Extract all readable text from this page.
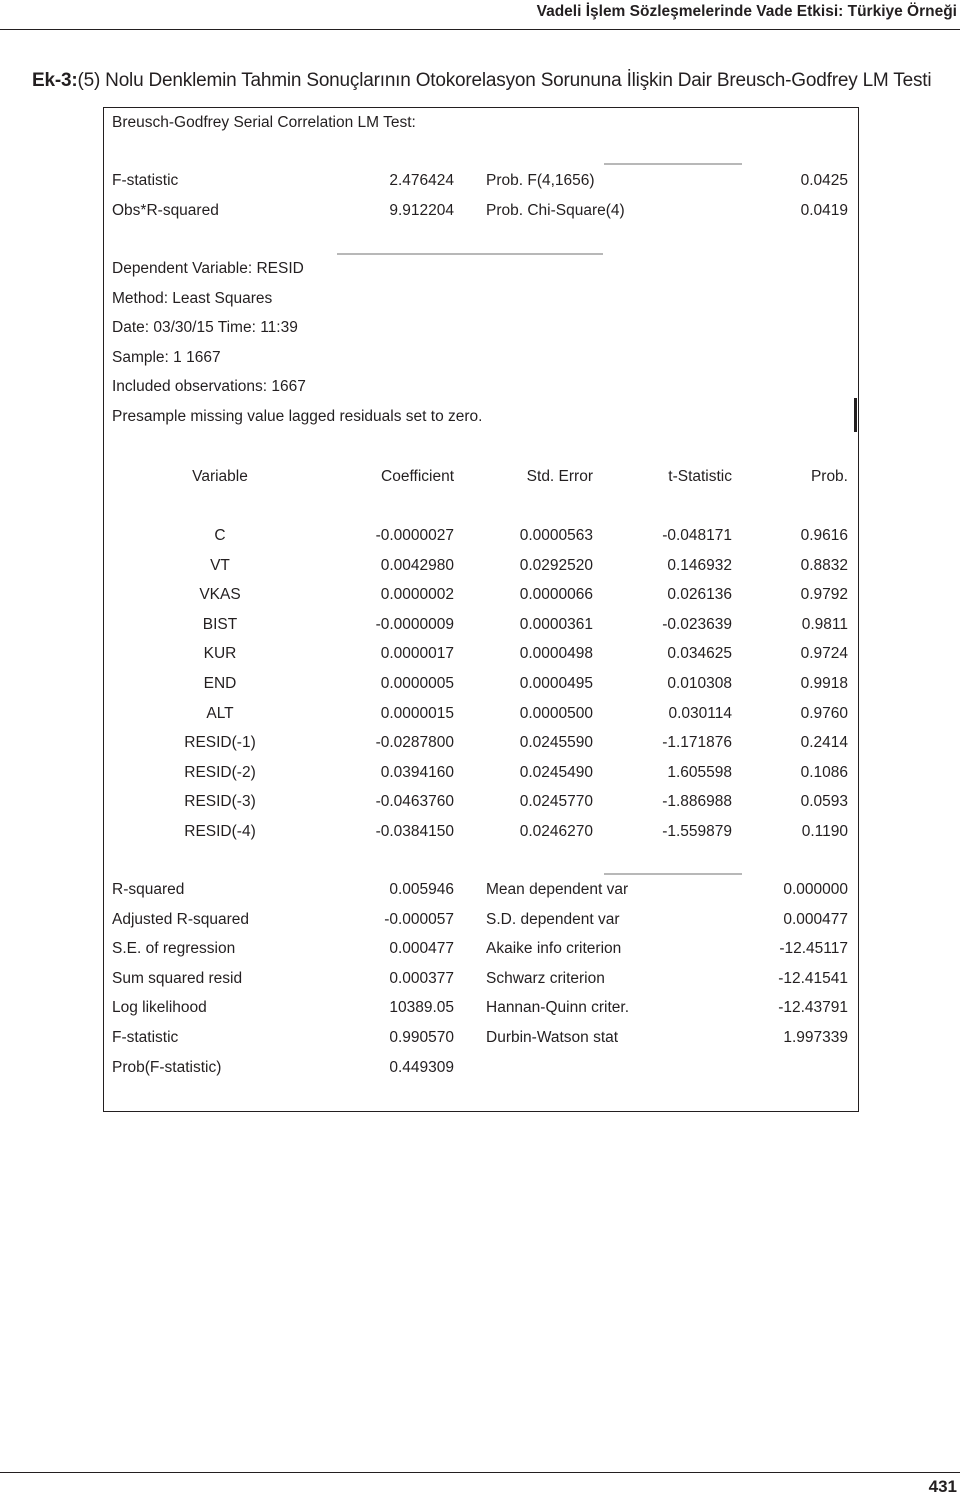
Vadeli İşlem Sözleşmelerinde Vade Etkisi: Türkiye Örneği
Ek-3:(5) Nolu Denklemin Tahmin Sonuçlarının Otokorelasyon Sorununa İlişkin Dair Breusch-Godfrey LM Testi
Breusch-Godfrey Serial Correlation LM Test:
F-statistic	2.476424 Prob. F(4,1656)	0.0425
Obs*R-squared	9.912204 Prob. Chi-Square(4)	0.0419
Dependent Variable: RESID
Method: Least Squares
Date: 03/30/15 Time: 11:39
Sample: 1 1667
Included observations: 1667
Presample missing value lagged residuals set to zero.
Variable	Coefficient	Std. Error	t-Statistic	Prob.
C	-0.0000027	0.0000563	-0.048171	0.9616
VT	0.0042980	0.0292520	0.146932	0.8832
VKAS	0.0000002	0.0000066	0.026136	0.9792
BIST	-0.0000009	0.0000361	-0.023639	0.9811
KUR	0.0000017	0.0000498	0.034625	0.9724
END	0.0000005	0.0000495	0.010308	0.9918
ALT	0.0000015	0.0000500	0.030114	0.9760
RESID(-1)	-0.0287800	0.0245590	-1.171876	0.2414
RESID(-2)	0.0394160	0.0245490	1.605598	0.1086
RESID(-3)	-0.0463760	0.0245770	-1.886988	0.0593
RESID(-4)	-0.0384150	0.0246270	-1.559879	0.1190
R-squared	0.005946 Mean dependent var	0.000000
Adjusted R-squared	-0.000057 S.D. dependent var	0.000477
S.E. of regression	0.000477 Akaike info criterion	-12.45117
Sum squared resid	0.000377 Schwarz criterion	-12.41541
Log likelihood	10389.05 Hannan-Quinn criter.	-12.43791
F-statistic	0.990570 Durbin-Watson stat	1.997339
Prob(F-statistic)	0.449309
431
